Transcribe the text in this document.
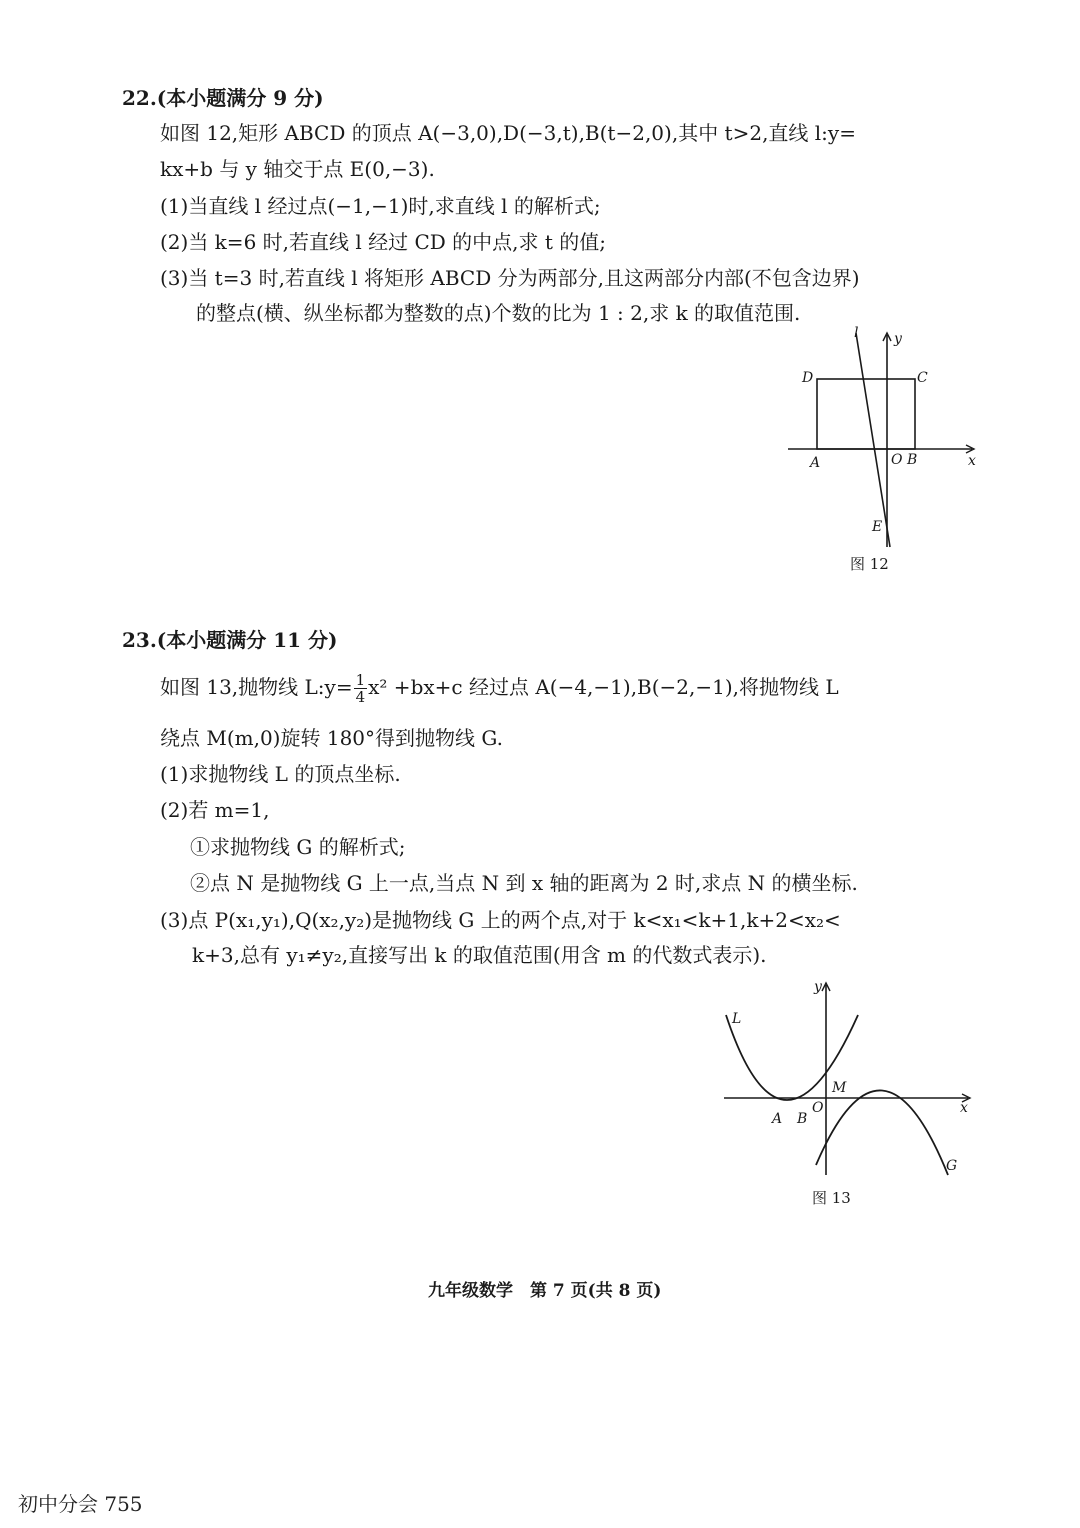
22.(本小题满分 9 分)
如图 12,矩形 ABCD 的顶点 A(−3,0),D(−3,t),B(t−2,0),其中 t>2,直线 l:y=
kx+b 与 y 轴交于点 E(0,−3).
(1)当直线 l 经过点(−1,−1)时,求直线 l 的解析式;
(2)当 k=6 时,若直线 l 经过 CD 的中点,求 t 的值;
(3)当 t=3 时,若直线 l 将矩形 ABCD 分为两部分,且这两部分内部(不包含边界)
的整点(横、纵坐标都为整数的点)个数的比为 1 : 2,求 k 的取值范围.
l	y
x
D	C
A	O B
E
图 12
23.(本小题满分 11 分)
如图 13,抛物线 L:y= $\frac{1}{4} x^2 +bx+c$ 经过点 A(−4,−1),B(−2,−1),将抛物线 L
绕点 M(m,0)旋转 180°得到抛物线 G.
(1)求抛物线 L 的顶点坐标.
(2)若 m=1,
①求抛物线 G 的解析式;
②点 N 是抛物线 G 上一点,当点 N 到 x 轴的距离为 2 时,求点 N 的横坐标.
(3)点 P(x₁,y₁),Q(x₂,y₂)是抛物线 G 上的两个点,对于 k<x₁<k+1,k+2<x₂<
k+3,总有 y₁≠y₂,直接写出 k 的取值范围(用含 m 的代数式表示).
L
y
x
M
O
A B
G
图 13
九年级数学　第 7 页(共 8 页)
初中分会 755
